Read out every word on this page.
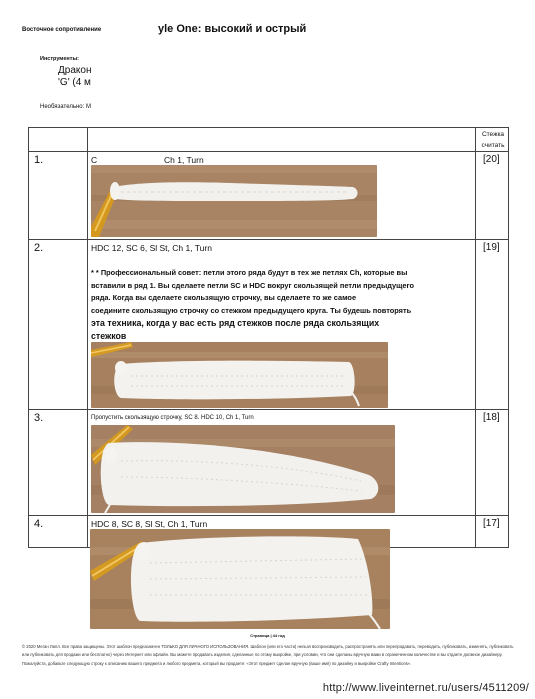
Восточное сопротивление	yle One: высокий и острый
Инструменты:
Дракон
'G' (4 м
Необязательно: М
Стежка
считать
1.	C	Ch 1, Turn	[20]
2.	HDC 12, SC 6, Sl St, Ch 1, Turn	[19]
* * Профессиональный совет: петли этого ряда будут в тех же петлях Ch, которые вы
вставили в ряд 1. Вы сделаете петли SC и HDC вокруг скользящей петли предыдущего
ряда. Когда вы сделаете скользящую строчку, вы сделаете то же самое
соедините скользящую строчку со стежком предыдущего круга. Ты будешь повторять
эта техника, когда у вас есть ряд стежков после ряда скользящих
стежков
3.	Пропустить скользящую строчку, SC 8. HDC 10, Ch 1, Turn	[18]
4.	HDC 8, SC 8, Sl St, Ch 1, Turn	[17]
Страница | 44 год
© 2020 Меган Лилл. Все права защищены. Этот шаблон предназначен ТОЛЬКО ДЛЯ ЛИЧНОГО ИСПОЛЬЗОВАНИЯ. Шаблон (или его части) нельзя воспроизводить, распространять или перепродавать, переводить, публиковать, изменять, публиковать или публиковать для продажи или бесплатно) через Интернет или офлайн. Вы можете продавать изделия, сделанные по этому выкройке, при условии, что они сделаны вручную вами в ограниченном количестве и вы отдаете должное дизайнеру. Пожалуйста, добавьте следующую строку к описанию вашего предмета и любого предмета, который вы продаете: «Этот предмет сделан вручную (ваше имя) по дизайну и выкройке Crafty Intentions».
http://www.liveinternet.ru/users/4511209/
